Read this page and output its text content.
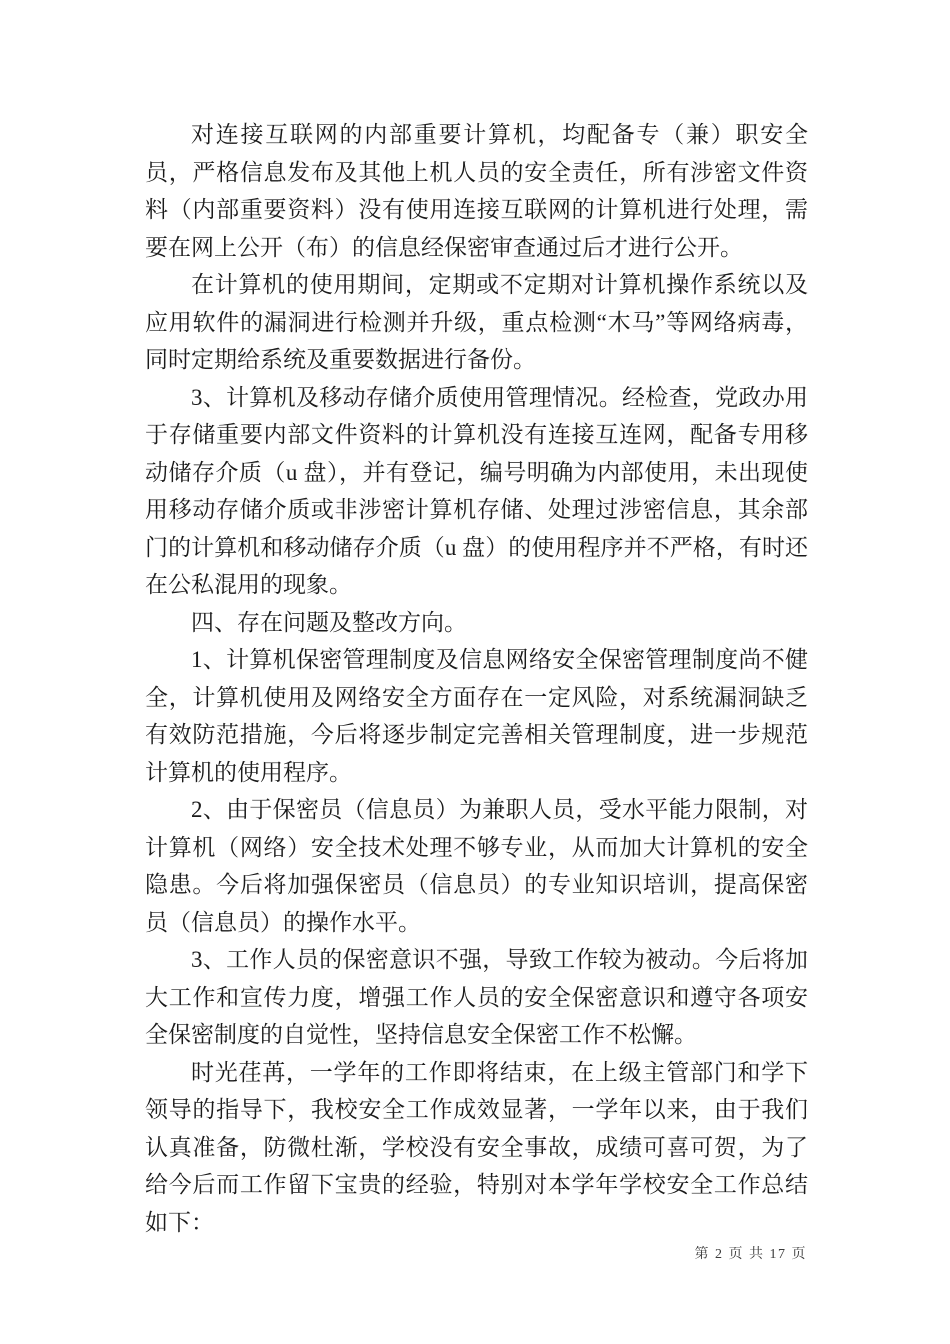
对连接互联网的内部重要计算机，均配备专（兼）职安全员，严格信息发布及其他上机人员的安全责任，所有涉密文件资料（内部重要资料）没有使用连接互联网的计算机进行处理，需要在网上公开（布）的信息经保密审查通过后才进行公开。

在计算机的使用期间，定期或不定期对计算机操作系统以及应用软件的漏洞进行检测并升级，重点检测“木马”等网络病毒，同时定期给系统及重要数据进行备份。

3、计算机及移动存储介质使用管理情况。经检查，党政办用于存储重要内部文件资料的计算机没有连接互连网，配备专用移动储存介质（u 盘），并有登记，编号明确为内部使用，未出现使用移动存储介质或非涉密计算机存储、处理过涉密信息，其余部门的计算机和移动储存介质（u 盘）的使用程序并不严格，有时还在公私混用的现象。

四、存在问题及整改方向。

1、计算机保密管理制度及信息网络安全保密管理制度尚不健全，计算机使用及网络安全方面存在一定风险，对系统漏洞缺乏有效防范措施，今后将逐步制定完善相关管理制度，进一步规范计算机的使用程序。

2、由于保密员（信息员）为兼职人员，受水平能力限制，对计算机（网络）安全技术处理不够专业，从而加大计算机的安全隐患。今后将加强保密员（信息员）的专业知识培训，提高保密员（信息员）的操作水平。

3、工作人员的保密意识不强，导致工作较为被动。今后将加大工作和宣传力度，增强工作人员的安全保密意识和遵守各项安全保密制度的自觉性，坚持信息安全保密工作不松懈。

时光荏苒，一学年的工作即将结束，在上级主管部门和学下领导的指导下，我校安全工作成效显著，一学年以来，由于我们认真准备，防微杜渐，学校没有安全事故，成绩可喜可贺，为了给今后而工作留下宝贵的经验，特别对本学年学校安全工作总结如下：

第 2 页 共 17 页
